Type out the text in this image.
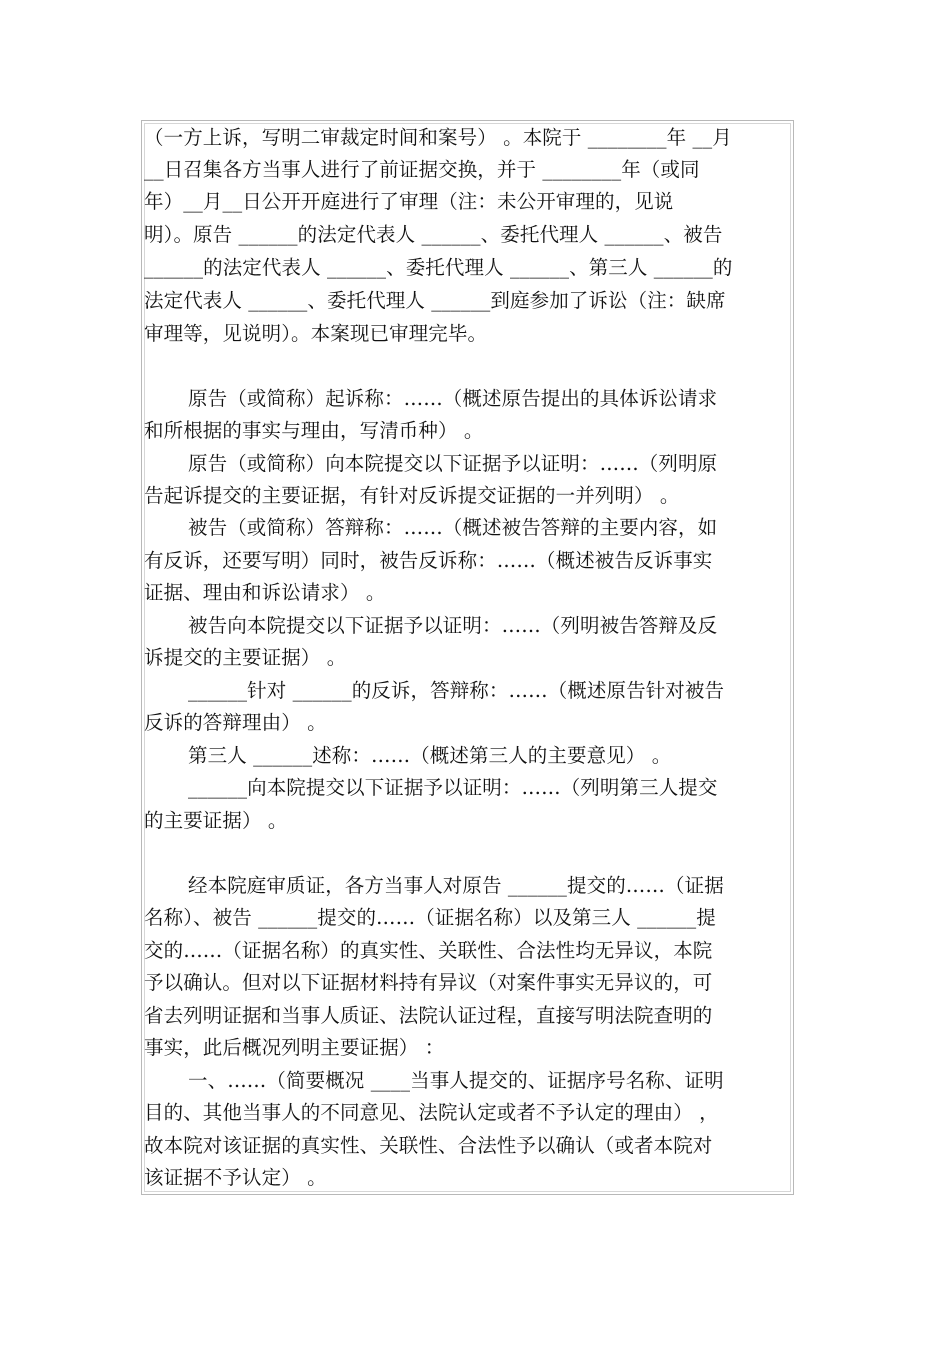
（一方上诉，写明二审裁定时间和案号） 。本院于 ________年 __月
__日召集各方当事人进行了前证据交换，并于 ________年（或同
年）__月__日公开开庭进行了审理（注：未公开审理的，见说
明）。原告 ______的法定代表人 ______、委托代理人 ______、被告
______的法定代表人 ______、委托代理人 ______、第三人 ______的
法定代表人 ______、委托代理人 ______到庭参加了诉讼（注：缺席
审理等，见说明）。本案现已审理完毕。
原告（或简称）起诉称：……（概述原告提出的具体诉讼请求
和所根据的事实与理由，写清币种） 。
原告（或简称）向本院提交以下证据予以证明：……（列明原
告起诉提交的主要证据，有针对反诉提交证据的一并列明） 。
被告（或简称）答辩称：……（概述被告答辩的主要内容，如
有反诉，还要写明）同时，被告反诉称：……（概述被告反诉事实
证据、理由和诉讼请求） 。
被告向本院提交以下证据予以证明：……（列明被告答辩及反
诉提交的主要证据） 。
______针对 ______的反诉，答辩称：……（概述原告针对被告
反诉的答辩理由） 。
第三人 ______述称：……（概述第三人的主要意见） 。
______向本院提交以下证据予以证明：……（列明第三人提交
的主要证据） 。
经本院庭审质证，各方当事人对原告 ______提交的……（证据
名称）、被告 ______提交的……（证据名称）以及第三人 ______提
交的……（证据名称）的真实性、关联性、合法性均无异议，本院
予以确认。但对以下证据材料持有异议（对案件事实无异议的，可
省去列明证据和当事人质证、法院认证过程，直接写明法院查明的
事实，此后概况列明主要证据） ：
一、……（简要概况 ____当事人提交的、证据序号名称、证明
目的、其他当事人的不同意见、法院认定或者不予认定的理由） ，
故本院对该证据的真实性、关联性、合法性予以确认（或者本院对
该证据不予认定） 。
